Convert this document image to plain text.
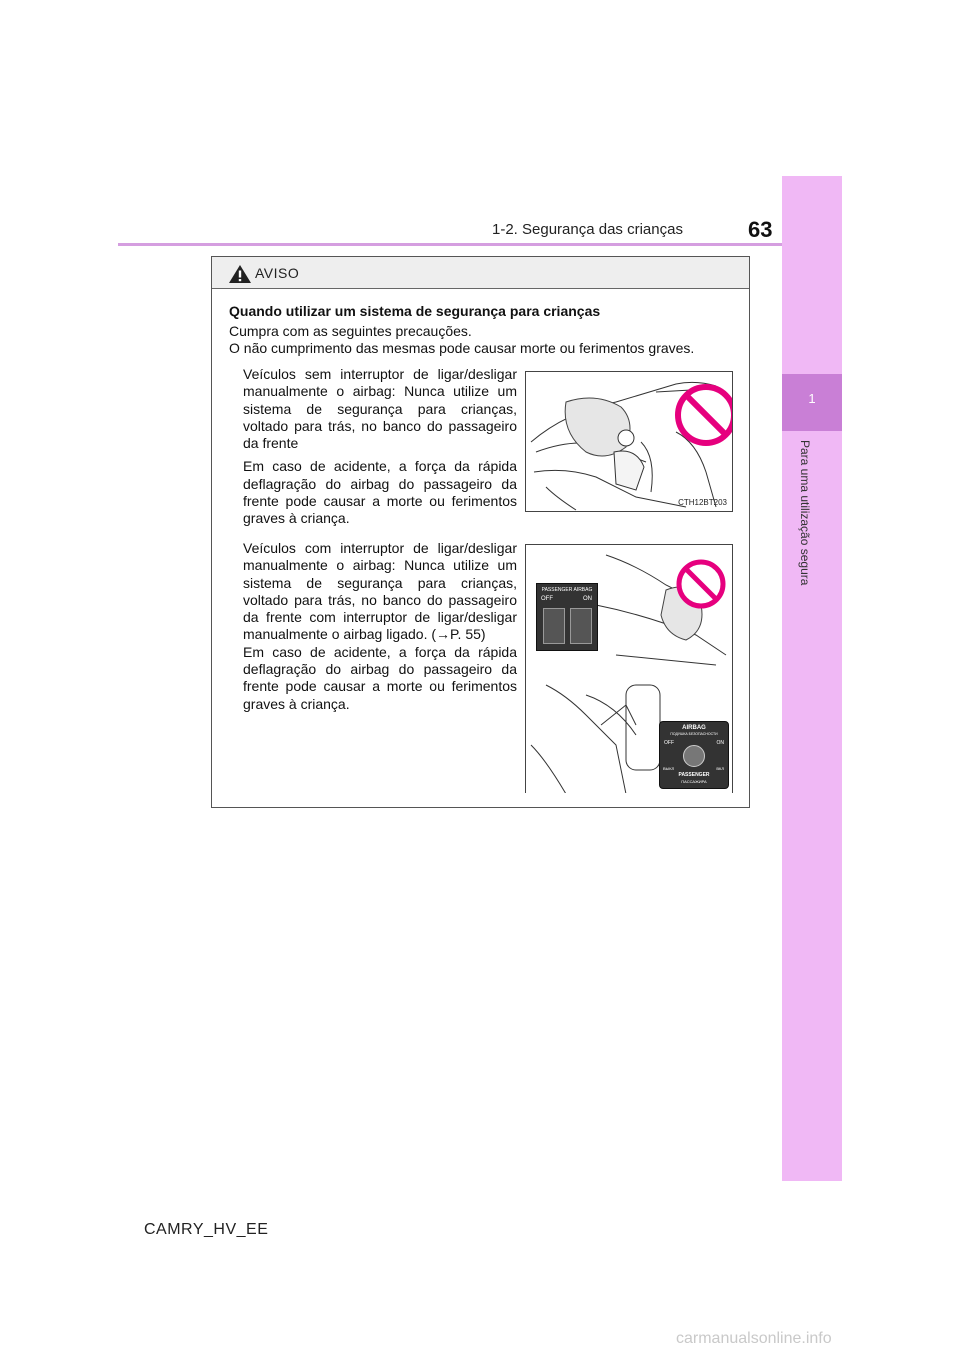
1-2. Segurança das crianças	63
1
Para uma utilização segura
AVISO
Quando utilizar um sistema de segurança para crianças
Cumpra com as seguintes precauções.
O não cumprimento das mesmas pode causar morte ou ferimentos graves.

Veículos sem interruptor de ligar/desligar manualmente o airbag: Nunca utilize um sistema de segurança para crianças, voltado para trás, no banco do passageiro da frente

Em caso de acidente, a força da rápida deflagração do airbag do passageiro da frente pode causar a morte ou ferimentos graves à criança.

CTH12BT203

Veículos com interruptor de ligar/desligar manualmente o airbag: Nunca utilize um sistema de segurança para crianças, voltado para trás, no banco do passageiro da frente com interruptor de ligar/desligar manualmente o airbag ligado. (→P. 55)

Em caso de acidente, a força da rápida deflagração do airbag do passageiro da frente pode causar a morte ou ferimentos graves à criança.

PASSENGER AIRBAG
OFF	ON
AIRBAG
ПОДУШКА БЕЗОПАСНОСТИ
OFF	ON
ВЫКЛ	ВКЛ
PASSENGER
ПАССАЖИРА
CAMRY_HV_EE
carmanualsonline.info
